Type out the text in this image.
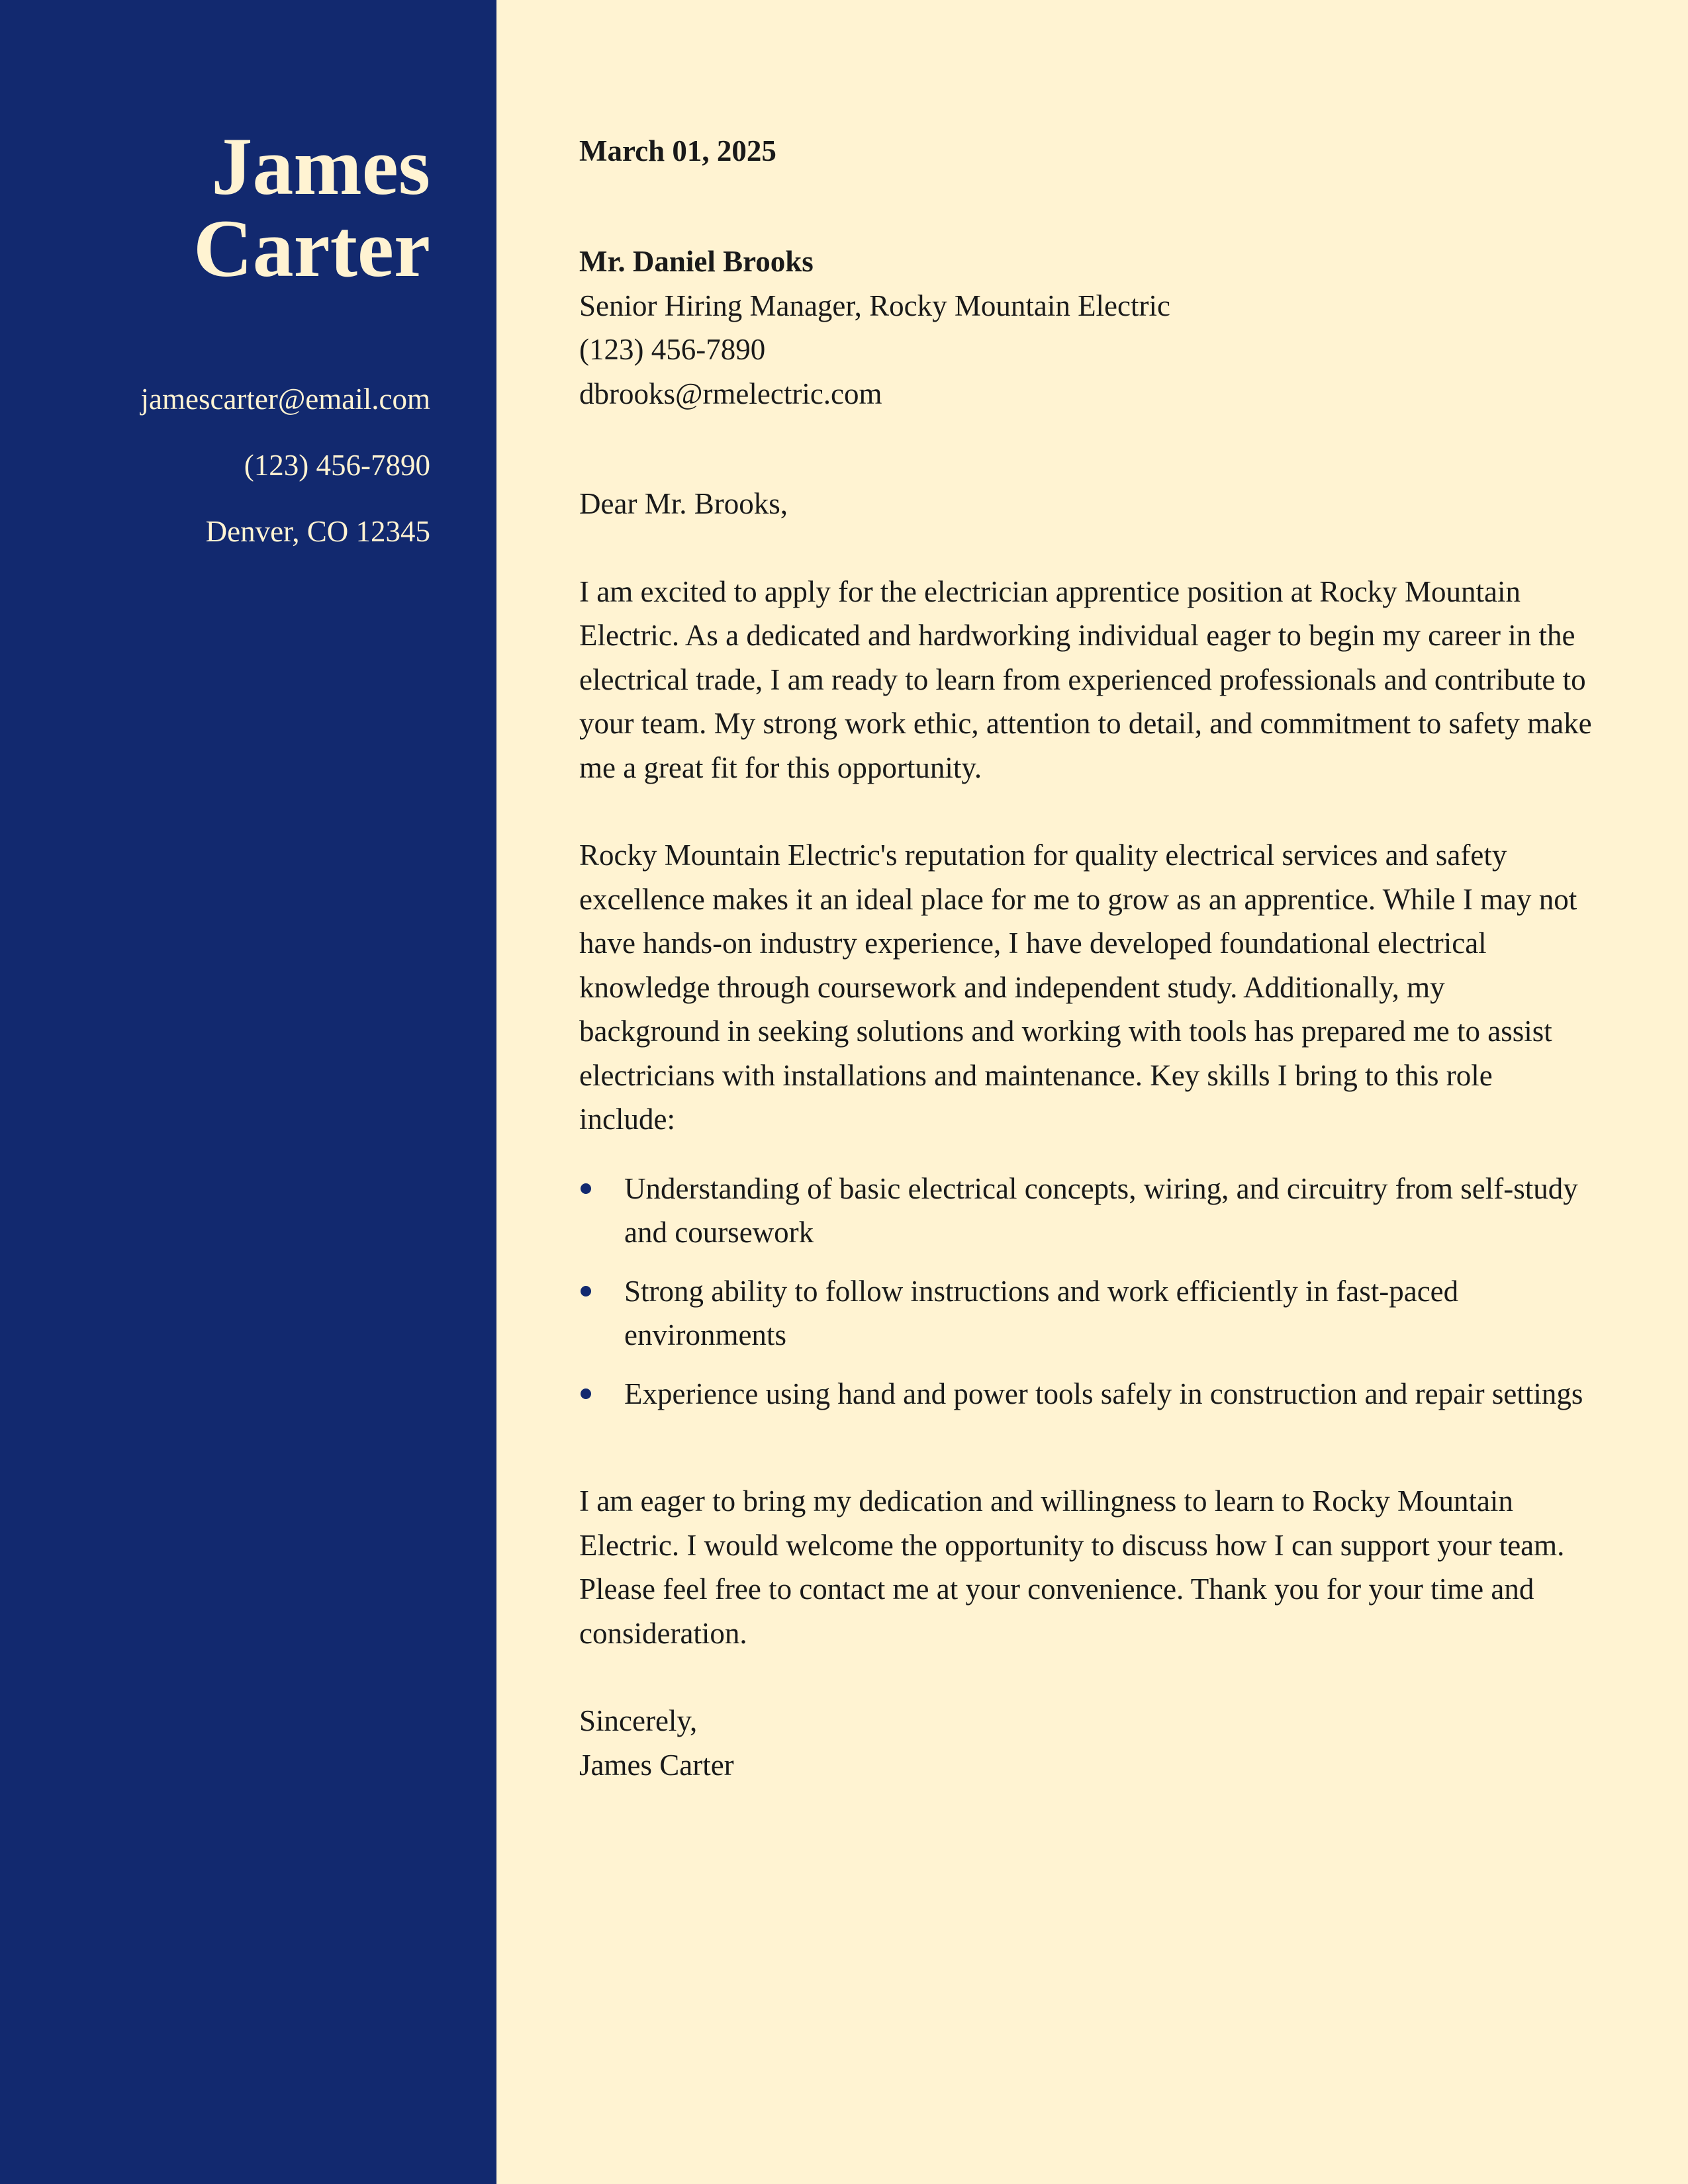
James
Carter
jamescarter@email.com
(123) 456-7890
Denver, CO 12345
March 01, 2025
Mr. Daniel Brooks
Senior Hiring Manager, Rocky Mountain Electric
(123) 456-7890
dbrooks@rmelectric.com
Dear Mr. Brooks,

I am excited to apply for the electrician apprentice position at Rocky Mountain Electric. As a dedicated and hardworking individual eager to begin my career in the electrical trade, I am ready to learn from experienced professionals and contribute to your team. My strong work ethic, attention to detail, and commitment to safety make me a great fit for this opportunity.

Rocky Mountain Electric's reputation for quality electrical services and safety excellence makes it an ideal place for me to grow as an apprentice. While I may not have hands-on industry experience, I have developed foundational electrical knowledge through coursework and independent study. Additionally, my background in seeking solutions and working with tools has prepared me to assist electricians with installations and maintenance. Key skills I bring to this role include:

Understanding of basic electrical concepts, wiring, and circuitry from self-study and coursework
Strong ability to follow instructions and work efficiently in fast-paced environments
Experience using hand and power tools safely in construction and repair settings

I am eager to bring my dedication and willingness to learn to Rocky Mountain Electric. I would welcome the opportunity to discuss how I can support your team. Please feel free to contact me at your convenience. Thank you for your time and consideration.

Sincerely,
James Carter
